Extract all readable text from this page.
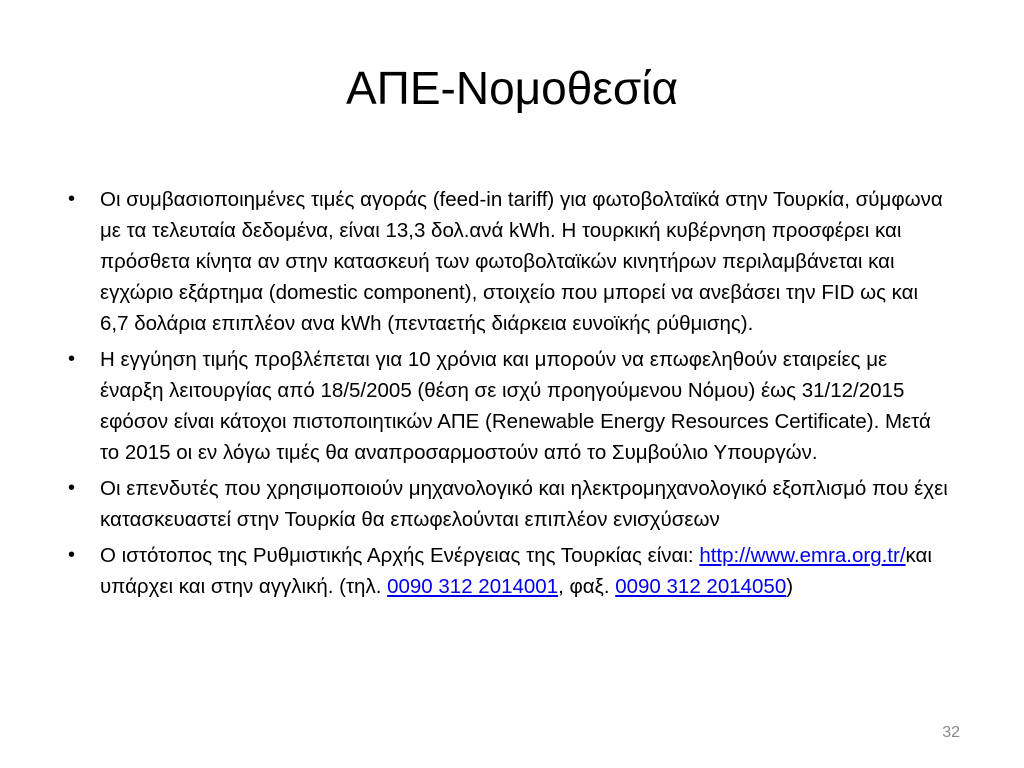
ΑΠΕ-Νομοθεσία
• Οι συμβασιοποιημένες τιμές αγοράς (feed-in tariff) για φωτοβολταϊκά στην Τουρκία, σύμφωνα με τα τελευταία δεδομένα, είναι 13,3 δολ.ανά kWh. Η τουρκική κυβέρνηση προσφέρει και πρόσθετα κίνητα αν στην κατασκευή των φωτοβολταϊκών κινητήρων περιλαμβάνεται και εγχώριο εξάρτημα (domestic component), στοιχείο που μπορεί να ανεβάσει την FID ως και 6,7 δολάρια επιπλέον ανα kWh (πενταετής διάρκεια ευνοϊκής ρύθμισης).
• Η εγγύηση τιμής προβλέπεται για 10 χρόνια και μπορούν να επωφεληθούν εταιρείες με έναρξη λειτουργίας από 18/5/2005 (θέση σε ισχύ προηγούμενου Νόμου) έως 31/12/2015 εφόσον είναι κάτοχοι πιστοποιητικών ΑΠΕ (Renewable Energy Resources Certificate). Μετά το 2015 οι εν λόγω τιμές θα αναπροσαρμοστούν από το Συμβούλιο Υπουργών.
• Οι επενδυτές που χρησιμοποιούν μηχανολογικό και ηλεκτρομηχανολογικό εξοπλισμό που έχει κατασκευαστεί στην Τουρκία θα επωφελούνται επιπλέον ενισχύσεων
• Ο ιστότοπος της Ρυθμιστικής Αρχής Ενέργειας της Τουρκίας είναι: http://www.emra.org.tr/και υπάρχει και στην αγγλική. (τηλ. 0090 312 2014001, φαξ. 0090 312 2014050)
32
